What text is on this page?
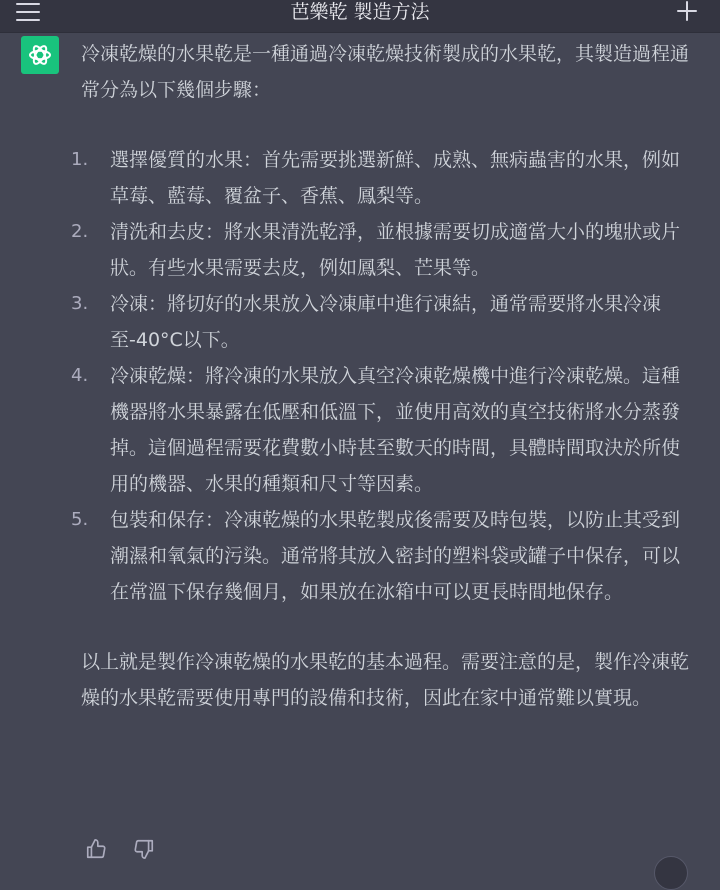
芭樂乾 製造方法

冷凍乾燥的水果乾是一種通過冷凍乾燥技術製成的水果乾，其製造過程通常分為以下幾個步驟：

1. 選擇優質的水果：首先需要挑選新鮮、成熟、無病蟲害的水果，例如草莓、藍莓、覆盆子、香蕉、鳳梨等。
2. 清洗和去皮：將水果清洗乾淨，並根據需要切成適當大小的塊狀或片狀。有些水果需要去皮，例如鳳梨、芒果等。
3. 冷凍：將切好的水果放入冷凍庫中進行凍結，通常需要將水果冷凍至-40°C以下。
4. 冷凍乾燥：將冷凍的水果放入真空冷凍乾燥機中進行冷凍乾燥。這種機器將水果暴露在低壓和低溫下，並使用高效的真空技術將水分蒸發掉。這個過程需要花費數小時甚至數天的時間，具體時間取決於所使用的機器、水果的種類和尺寸等因素。
5. 包裝和保存：冷凍乾燥的水果乾製成後需要及時包裝，以防止其受到潮濕和氧氣的污染。通常將其放入密封的塑料袋或罐子中保存，可以在常溫下保存幾個月，如果放在冰箱中可以更長時間地保存。

以上就是製作冷凍乾燥的水果乾的基本過程。需要注意的是，製作冷凍乾燥的水果乾需要使用專門的設備和技術，因此在家中通常難以實現。
